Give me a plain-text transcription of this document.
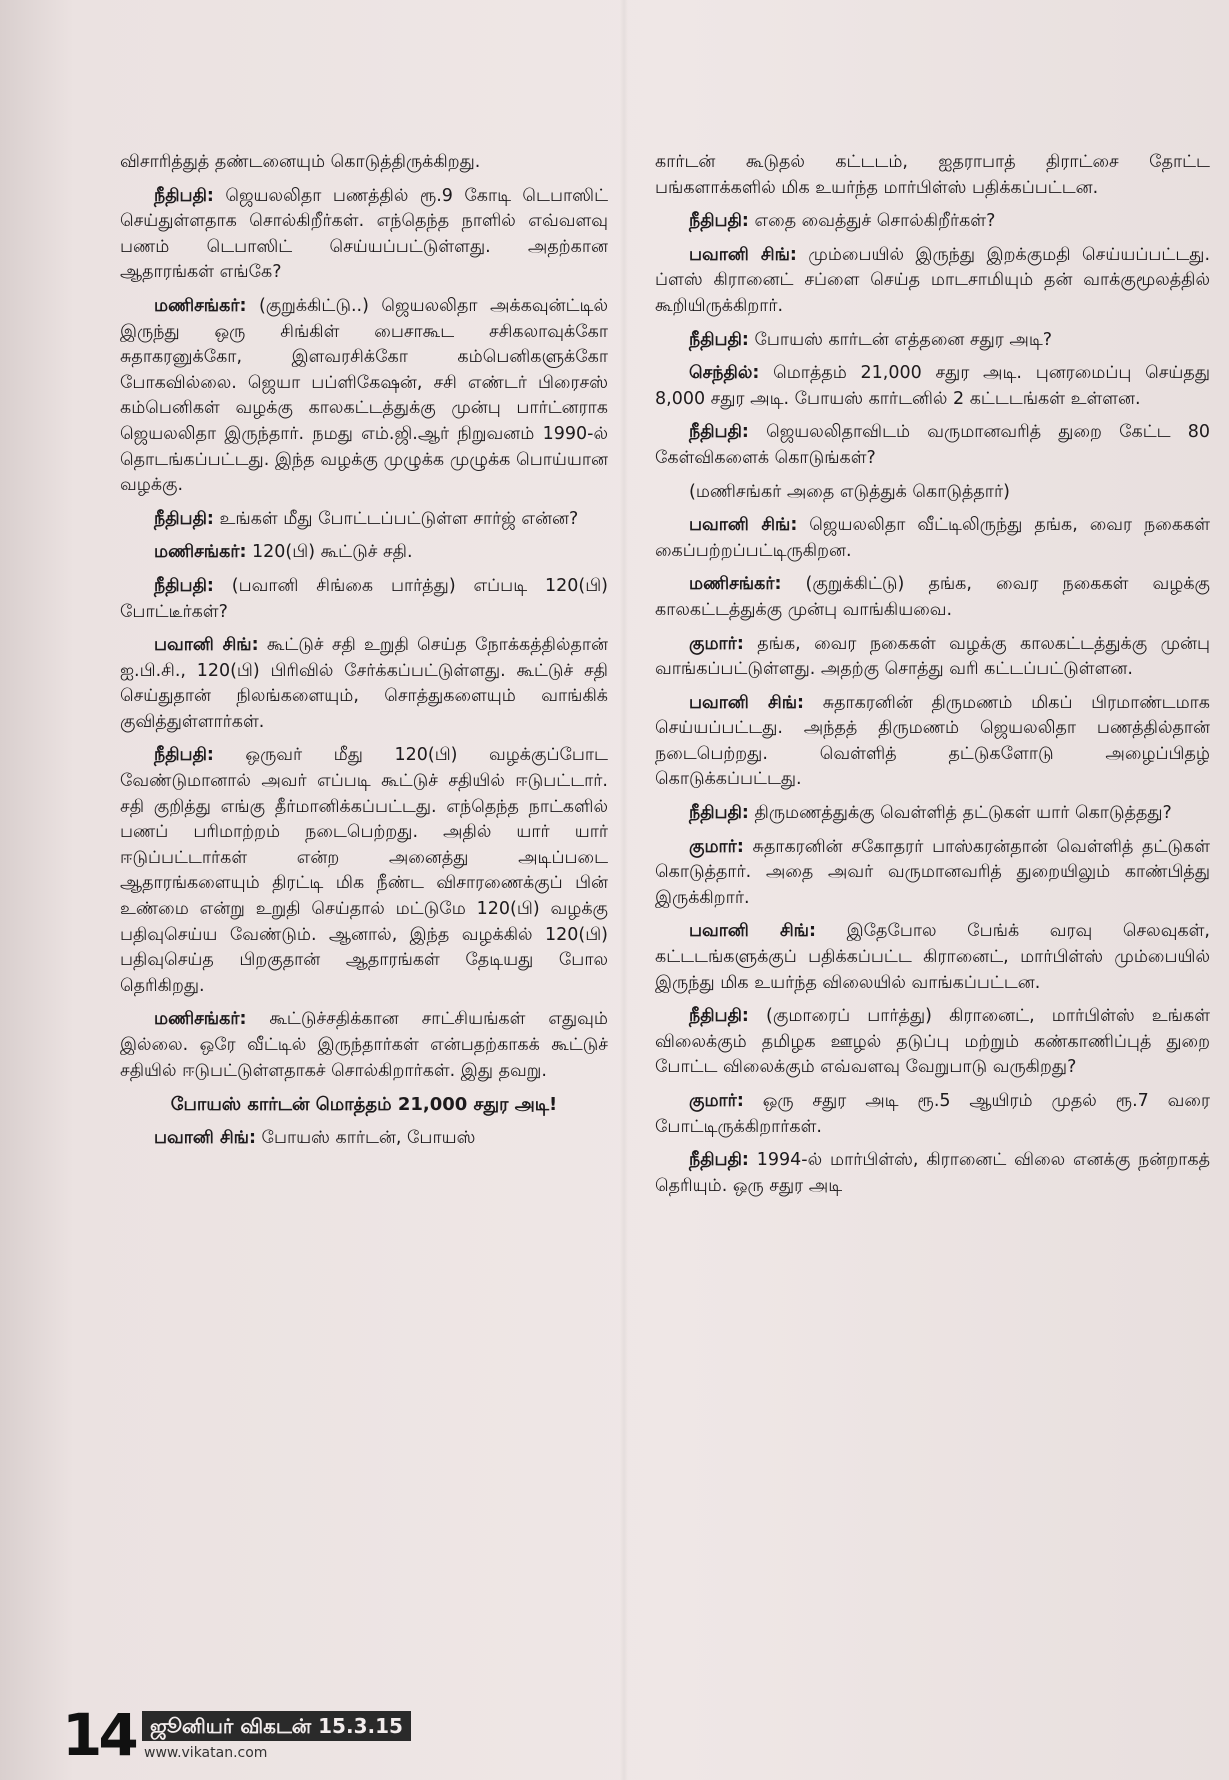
விசாரித்துத் தண்டனையும் கொடுத்திருக்கிறது.

நீதிபதி: ஜெயலலிதா பணத்தில் ரூ.9 கோடி டெபாஸிட் செய்துள்ளதாக சொல்கிறீர்கள். எந்தெந்த நாளில் எவ்வளவு பணம் டெபாஸிட் செய்யப்பட்டுள்ளது. அதற்கான ஆதாரங்கள் எங்கே?

மணிசங்கர்: (குறுக்கிட்டு..) ஜெயலலிதா அக்கவுன்ட்டில் இருந்து ஒரு சிங்கிள் பைசாகூட சசிகலாவுக்கோ சுதாகரனுக்கோ, இளவரசிக்கோ கம்பெனிகளுக்கோ போகவில்லை. ஜெயா பப்ளிகேஷன், சசி எண்டர் பிரைசஸ் கம்பெனிகள் வழக்கு காலகட்டத்துக்கு முன்பு பார்ட்னராக ஜெயலலிதா இருந்தார். நமது எம்.ஜி.ஆர் நிறுவனம் 1990-ல் தொடங்கப்பட்டது. இந்த வழக்கு முழுக்க முழுக்க பொய்யான வழக்கு.

நீதிபதி: உங்கள் மீது போட்டப்பட்டுள்ள சார்ஜ் என்ன?

மணிசங்கர்: 120(பி) கூட்டுச் சதி.

நீதிபதி: (பவானி சிங்கை பார்த்து) எப்படி 120(பி) போட்டீர்கள்?

பவானி சிங்: கூட்டுச் சதி உறுதி செய்த நோக்கத்தில்தான் ஐ.பி.சி., 120(பி) பிரிவில் சேர்க்கப்பட்டுள்ளது. கூட்டுச் சதி செய்துதான் நிலங்களையும், சொத்துகளையும் வாங்கிக் குவித்துள்ளார்கள்.

நீதிபதி: ஒருவர் மீது 120(பி) வழக்குப்போட வேண்டுமானால் அவர் எப்படி கூட்டுச் சதியில் ஈடுபட்டார். சதி குறித்து எங்கு தீர்மானிக்கப்பட்டது. எந்தெந்த நாட்களில் பணப் பரிமாற்றம் நடைபெற்றது. அதில் யார் யார் ஈடுப்பட்டார்கள் என்ற அனைத்து அடிப்படை ஆதாரங்களையும் திரட்டி மிக நீண்ட விசாரணைக்குப் பின் உண்மை என்று உறுதி செய்தால் மட்டுமே 120(பி) வழக்கு பதிவுசெய்ய வேண்டும். ஆனால், இந்த வழக்கில் 120(பி) பதிவுசெய்த பிறகுதான் ஆதாரங்கள் தேடியது போல தெரிகிறது.

மணிசங்கர்: கூட்டுச்சதிக்கான சாட்சியங்கள் எதுவும் இல்லை. ஒரே வீட்டில் இருந்தார்கள் என்பதற்காகக் கூட்டுச் சதியில் ஈடுபட்டுள்ளதாகச் சொல்கிறார்கள். இது தவறு.

போயஸ் கார்டன் மொத்தம் 21,000 சதுர அடி!

பவானி சிங்: போயஸ் கார்டன், போயஸ்

கார்டன் கூடுதல் கட்டடம், ஐதராபாத் திராட்சை தோட்ட பங்களாக்களில் மிக உயர்ந்த மார்பிள்ஸ் பதிக்கப்பட்டன.

நீதிபதி: எதை வைத்துச் சொல்கிறீர்கள்?

பவானி சிங்: மும்பையில் இருந்து இறக்குமதி செய்யப்பட்டது. ப்ளஸ் கிரானைட் சப்ளை செய்த மாடசாமியும் தன் வாக்குமூலத்தில் கூறியிருக்கிறார்.

நீதிபதி: போயஸ் கார்டன் எத்தனை சதுர அடி?

செந்தில்: மொத்தம் 21,000 சதுர அடி. புனரமைப்பு செய்தது 8,000 சதுர அடி. போயஸ் கார்டனில் 2 கட்டடங்கள் உள்ளன.

நீதிபதி: ஜெயலலிதாவிடம் வருமானவரித் துறை கேட்ட 80 கேள்விகளைக் கொடுங்கள்?

(மணிசங்கர் அதை எடுத்துக் கொடுத்தார்)

பவானி சிங்: ஜெயலலிதா வீட்டிலிருந்து தங்க, வைர நகைகள் கைப்பற்றப்பட்டிருகிறன.

மணிசங்கர்: (குறுக்கிட்டு) தங்க, வைர நகைகள் வழக்கு காலகட்டத்துக்கு முன்பு வாங்கியவை.

குமார்: தங்க, வைர நகைகள் வழக்கு காலகட்டத்துக்கு முன்பு வாங்கப்பட்டுள்ளது. அதற்கு சொத்து வரி கட்டப்பட்டுள்ளன.

பவானி சிங்: சுதாகரனின் திருமணம் மிகப் பிரமாண்டமாக செய்யப்பட்டது. அந்தத் திருமணம் ஜெயலலிதா பணத்தில்தான் நடைபெற்றது. வெள்ளித் தட்டுகளோடு அழைப்பிதழ் கொடுக்கப்பட்டது.

நீதிபதி: திருமணத்துக்கு வெள்ளித் தட்டுகள் யார் கொடுத்தது?

குமார்: சுதாகரனின் சகோதரர் பாஸ்கரன்தான் வெள்ளித் தட்டுகள் கொடுத்தார். அதை அவர் வருமானவரித் துறையிலும் காண்பித்து இருக்கிறார்.

பவானி சிங்: இதேபோல பேங்க் வரவு செலவுகள், கட்டடங்களுக்குப் பதிக்கப்பட்ட கிரானைட், மார்பிள்ஸ் மும்பையில் இருந்து மிக உயர்ந்த விலையில் வாங்கப்பட்டன.

நீதிபதி: (குமாரைப் பார்த்து) கிரானைட், மார்பிள்ஸ் உங்கள் விலைக்கும் தமிழக ஊழல் தடுப்பு மற்றும் கண்காணிப்புத் துறை போட்ட விலைக்கும் எவ்வளவு வேறுபாடு வருகிறது?

குமார்: ஒரு சதுர அடி ரூ.5 ஆயிரம் முதல் ரூ.7 வரை போட்டிருக்கிறார்கள்.

நீதிபதி: 1994-ல் மார்பிள்ஸ், கிரானைட் விலை எனக்கு நன்றாகத் தெரியும். ஒரு சதுர அடி

14 ஜூனியர் விகடன் 15.3.15
www.vikatan.com
